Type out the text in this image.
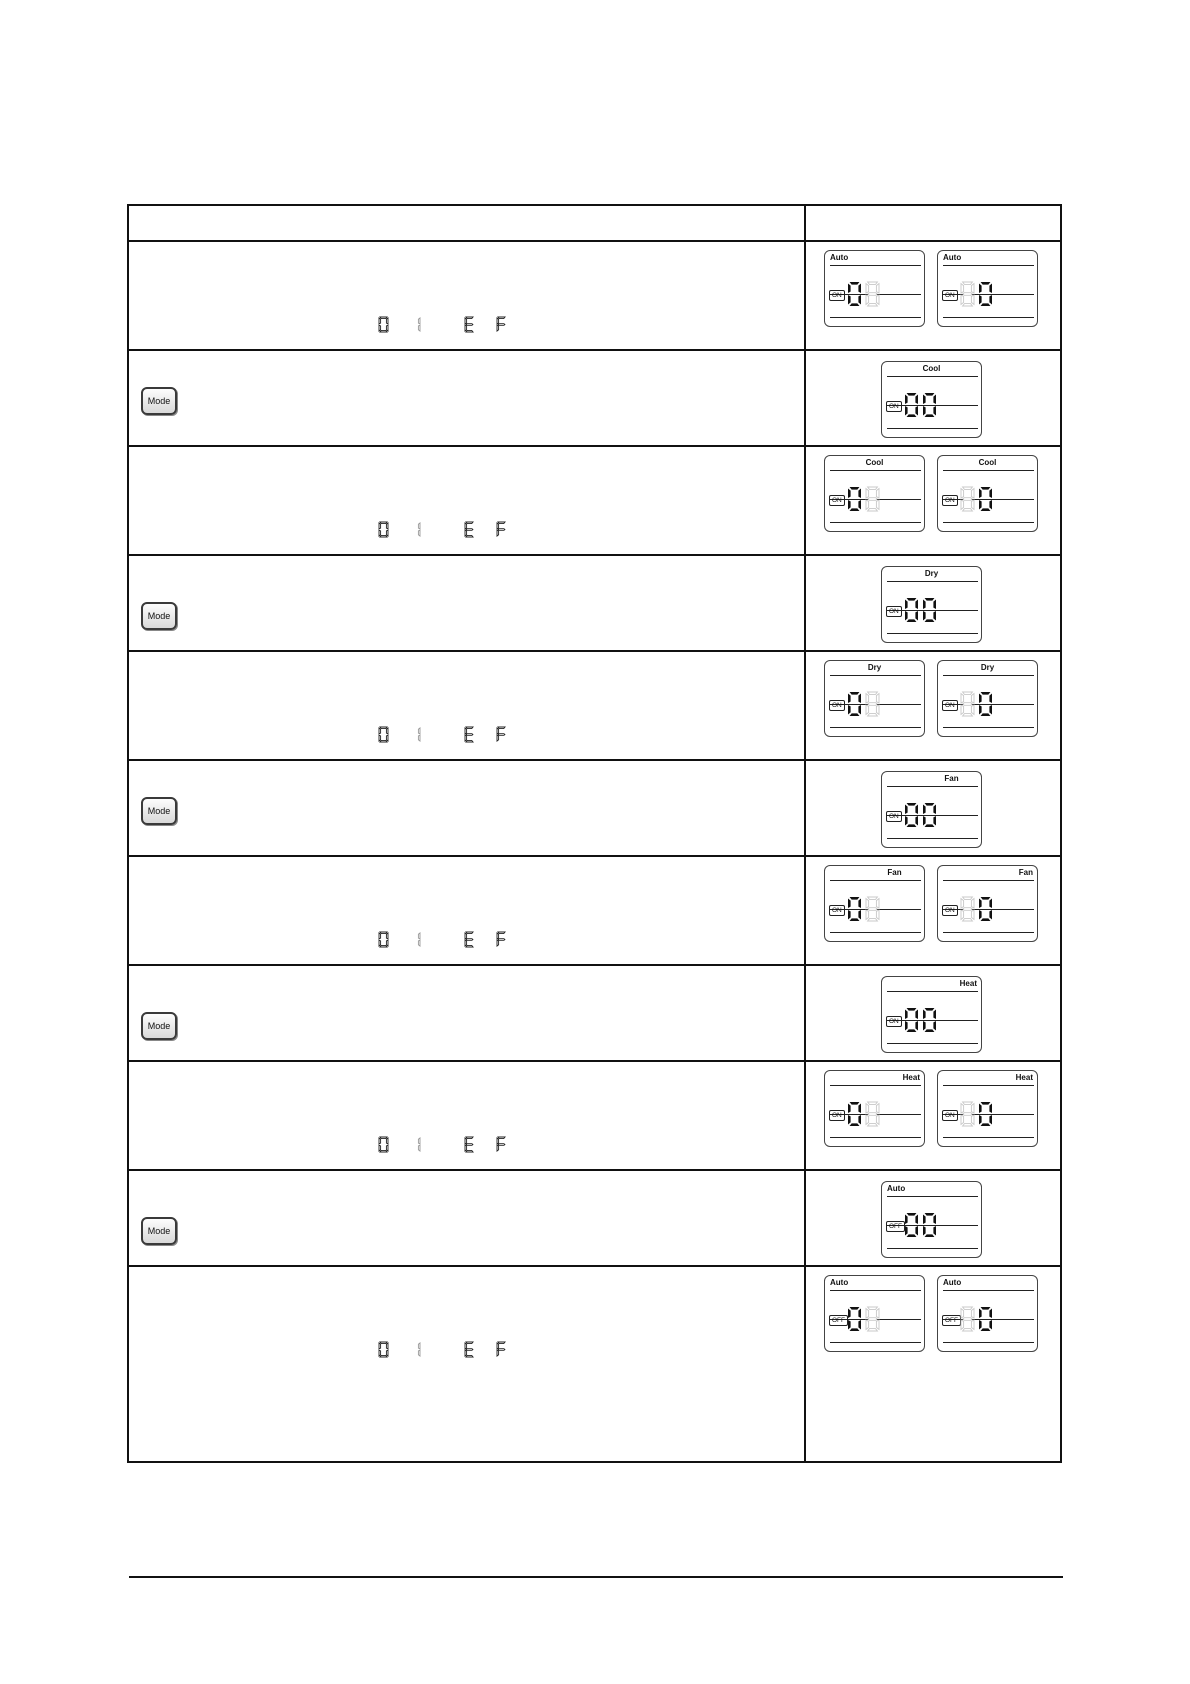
Auto
ON
Auto
ON
Mode
Cool
ON
Cool
ON
Cool
ON
Mode
Dry
ON
Dry
ON
Dry
ON
Mode
Fan
ON
Fan
ON
Fan
ON
Mode
Heat
ON
Heat
ON
Heat
ON
Mode
Auto
OFF
Auto
OFF
Auto
OFF
